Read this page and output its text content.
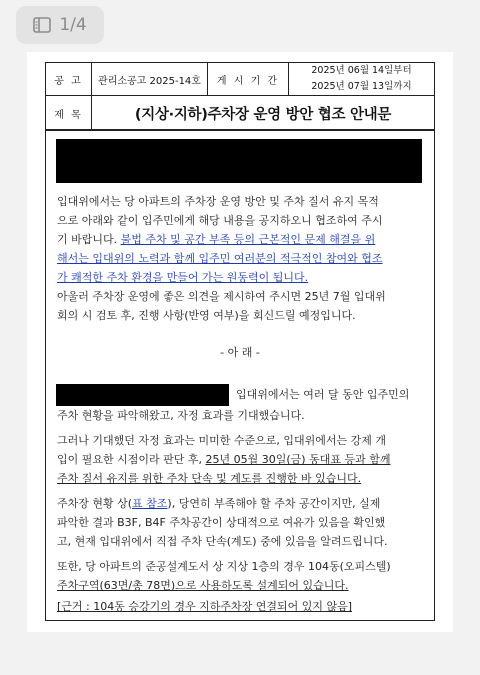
1/4
공 고	관리소공고 2025-14호	게 시 기 간	2025년 06월 14일부터
2025년 07월 13일까지

제 목	(지상·지하)주차장 운영 방안 협조 안내문		
입대위에서는 당 아파트의 주차장 운영 방안 및 주차 질서 유지 목적
으로 아래와 같이 입주민에게 해당 내용을 공지하오니 협조하여 주시
기 바랍니다. 불법 주차 및 공간 부족 등의 근본적인 문제 해결을 위
해서는 입대위의 노력과 함께 입주민 여러분의 적극적인 참여와 협조
가 쾌적한 주차 환경을 만들어 가는 원동력이 됩니다.
아울러 주차장 운영에 좋은 의견을 제시하여 주시면 25년 7월 입대위
회의 시 검토 후, 진행 사항(반영 여부)을 회신드릴 예정입니다.
- 아 래 -
입대위에서는 여러 달 동안 입주민의
주차 현황을 파악해왔고, 자정 효과를 기대했습니다.
그러나 기대했던 자정 효과는 미미한 수준으로, 입대위에서는 강제 개
입이 필요한 시점이라 판단 후, 25년 05월 30일(금) 동대표 등과 함께
주차 질서 유지를 위한 주차 단속 및 계도를 진행한 바 있습니다.
주차장 현황 상(표 참조), 당연히 부족해야 할 주차 공간이지만, 실제
파악한 결과 B3F, B4F 주차공간이 상대적으로 여유가 있음을 확인했
고, 현재 입대위에서 직접 주차 단속(계도) 중에 있음을 알려드립니다.
또한, 당 아파트의 준공설계도서 상 지상 1층의 경우 104동(오피스텔)
주차구역(63면/총 78면)으로 사용하도록 설계되어 있습니다.
[근거 : 104동 승강기의 경우 지하주차장 연결되어 있지 않음]
